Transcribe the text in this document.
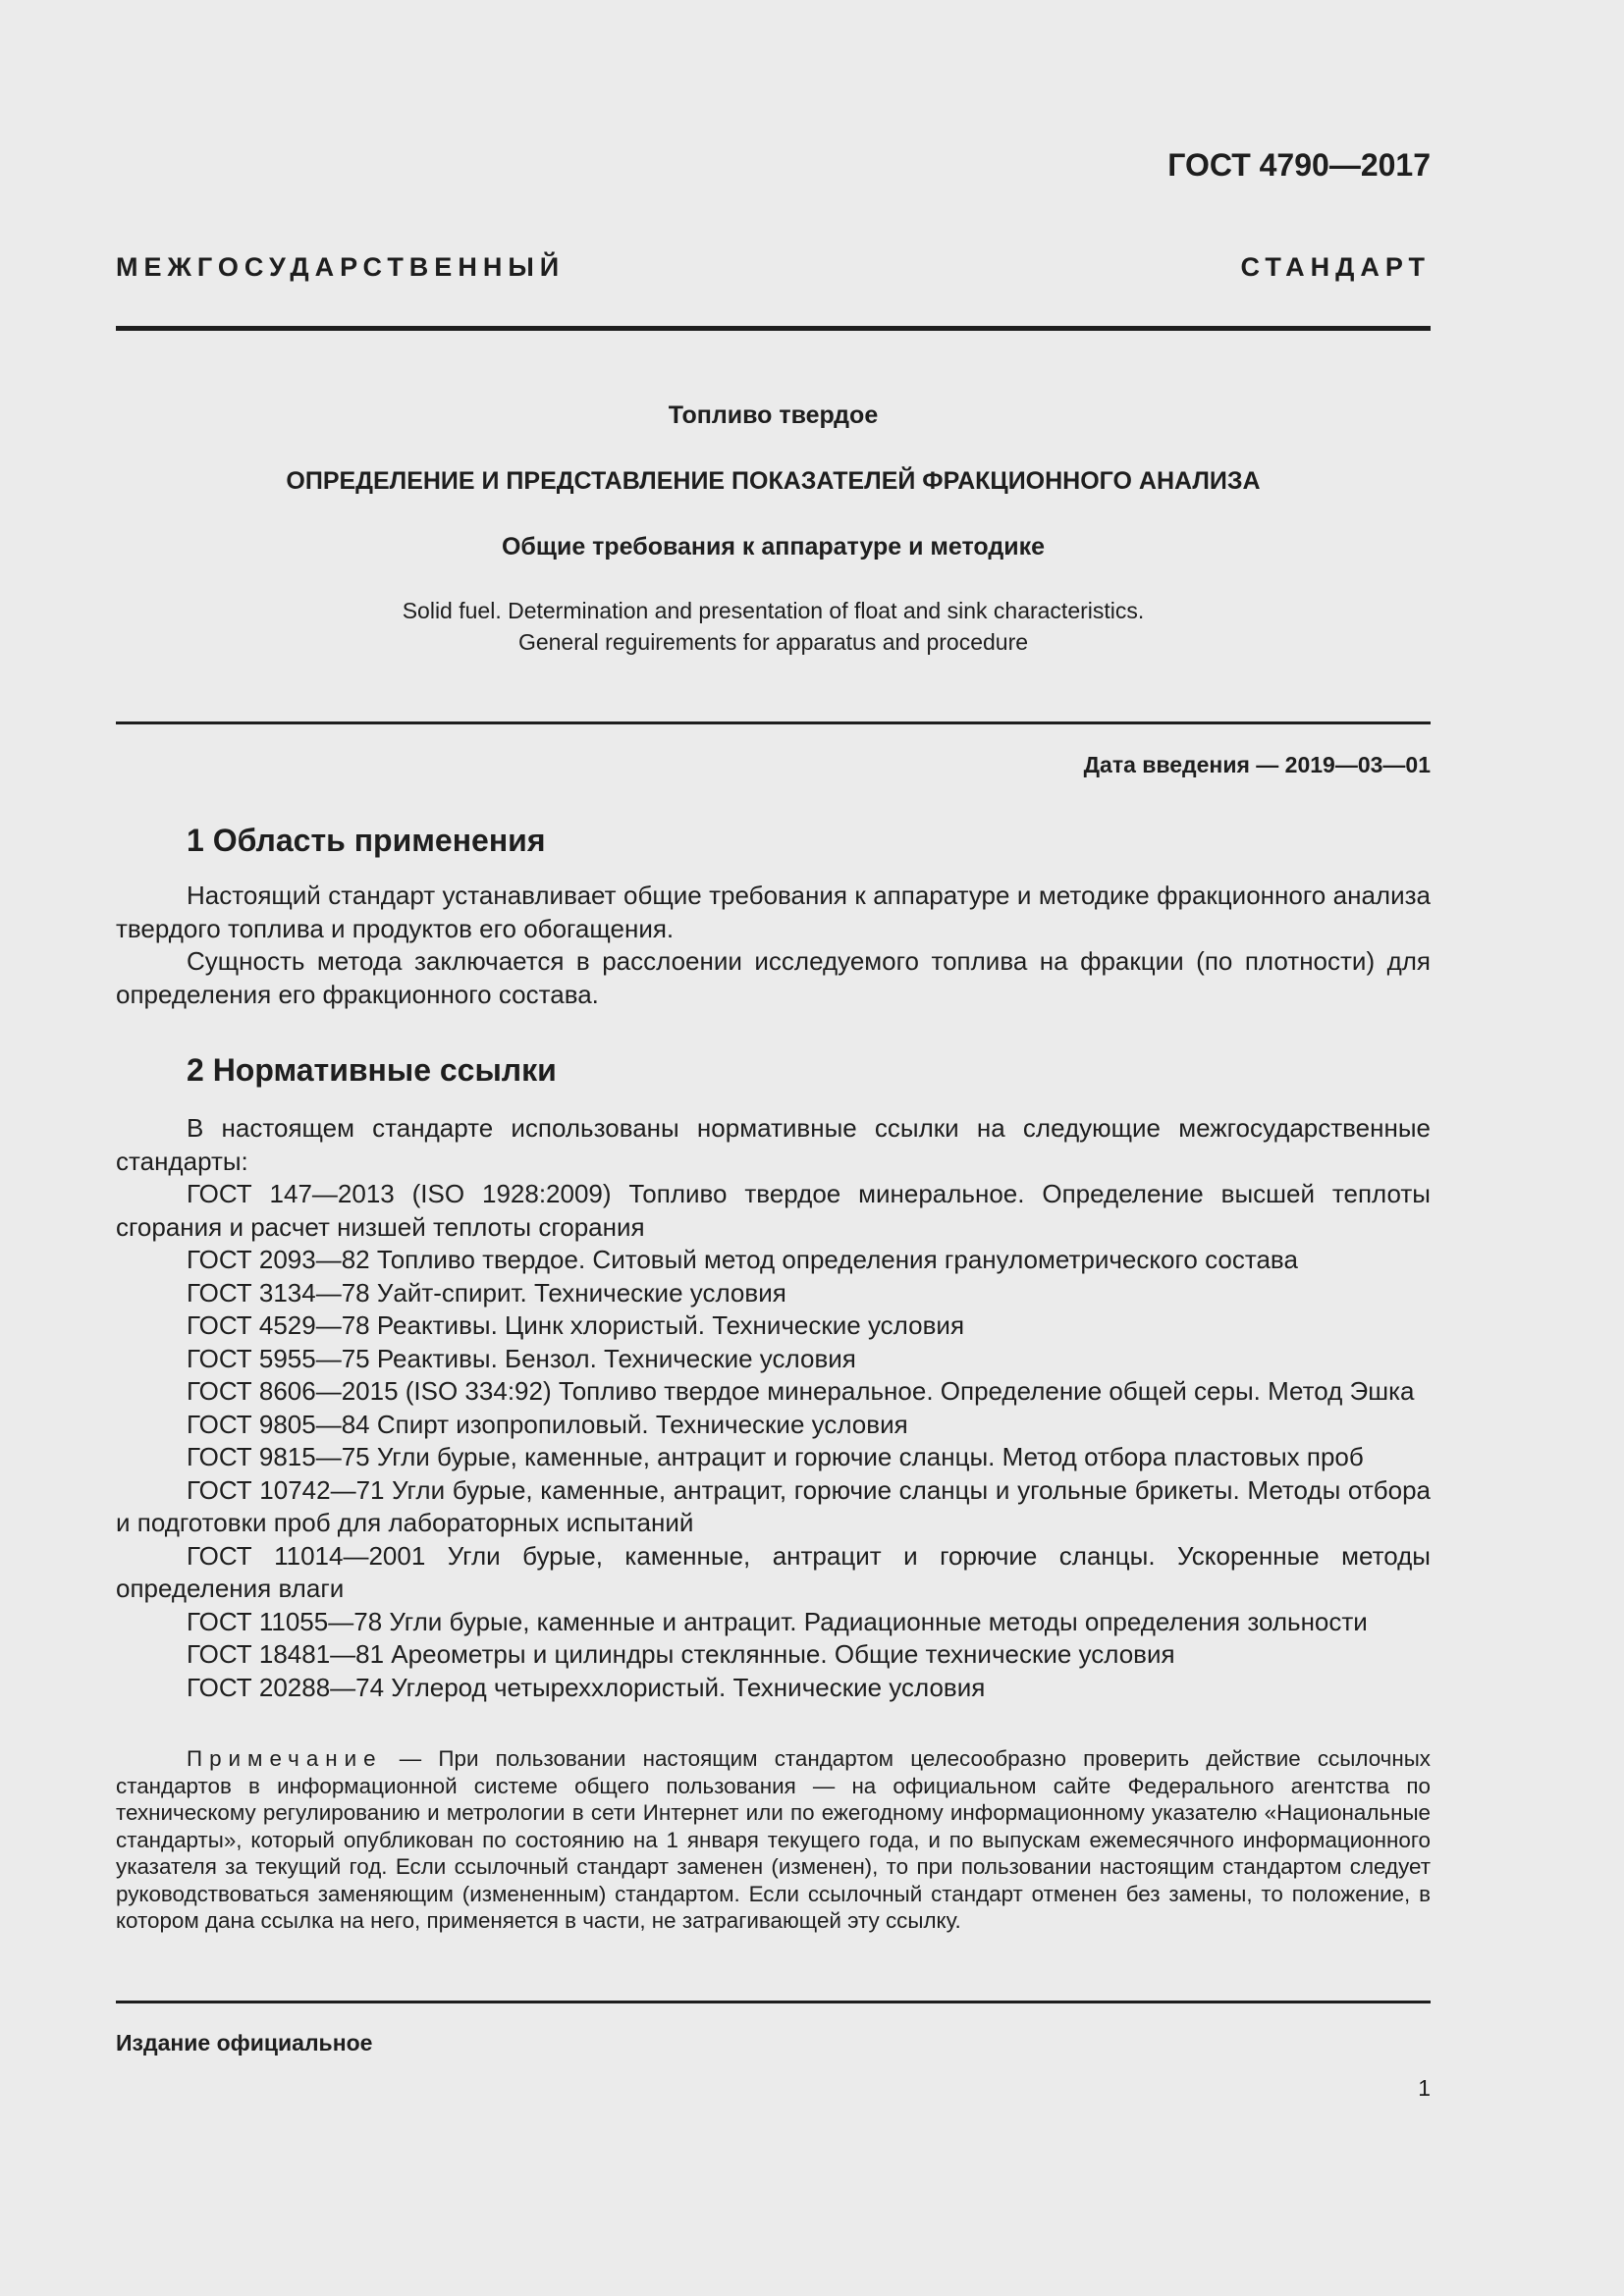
ГОСТ 4790—2017
МЕЖГОСУДАРСТВЕННЫЙ СТАНДАРТ
Топливо твердое
ОПРЕДЕЛЕНИЕ И ПРЕДСТАВЛЕНИЕ ПОКАЗАТЕЛЕЙ ФРАКЦИОННОГО АНАЛИЗА
Общие требования к аппаратуре и методике
Solid fuel. Determination and presentation of float and sink characteristics.
General reguirements for apparatus and procedure
Дата введения — 2019—03—01
1 Область применения

Настоящий стандарт устанавливает общие требования к аппаратуре и методике фракционного анализа твердого топлива и продуктов его обогащения.

Сущность метода заключается в расслоении исследуемого топлива на фракции (по плотности) для определения его фракционного состава.

2 Нормативные ссылки

В настоящем стандарте использованы нормативные ссылки на следующие межгосударственные стандарты:

ГОСТ 147—2013 (ISO 1928:2009) Топливо твердое минеральное. Определение высшей теплоты сгорания и расчет низшей теплоты сгорания

ГОСТ 2093—82 Топливо твердое. Ситовый метод определения гранулометрического состава

ГОСТ 3134—78 Уайт-спирит. Технические условия

ГОСТ 4529—78 Реактивы. Цинк хлористый. Технические условия

ГОСТ 5955—75 Реактивы. Бензол. Технические условия

ГОСТ 8606—2015 (ISO 334:92) Топливо твердое минеральное. Определение общей серы. Метод Эшка

ГОСТ 9805—84 Спирт изопропиловый. Технические условия

ГОСТ 9815—75 Угли бурые, каменные, антрацит и горючие сланцы. Метод отбора пластовых проб

ГОСТ 10742—71 Угли бурые, каменные, антрацит, горючие сланцы и угольные брикеты. Методы отбора и подготовки проб для лабораторных испытаний

ГОСТ 11014—2001 Угли бурые, каменные, антрацит и горючие сланцы. Ускоренные методы определения влаги

ГОСТ 11055—78 Угли бурые, каменные и антрацит. Радиационные методы определения зольности

ГОСТ 18481—81 Ареометры и цилиндры стеклянные. Общие технические условия

ГОСТ 20288—74 Углерод четыреххлористый. Технические условия

Примечание — При пользовании настоящим стандартом целесообразно проверить действие ссылочных стандартов в информационной системе общего пользования — на официальном сайте Федерального агентства по техническому регулированию и метрологии в сети Интернет или по ежегодному информационному указателю «Национальные стандарты», который опубликован по состоянию на 1 января текущего года, и по выпускам ежемесячного информационного указателя за текущий год. Если ссылочный стандарт заменен (изменен), то при пользовании настоящим стандартом следует руководствоваться заменяющим (измененным) стандартом. Если ссылочный стандарт отменен без замены, то положение, в котором дана ссылка на него, применяется в части, не затрагивающей эту ссылку.
Издание официальное
1
